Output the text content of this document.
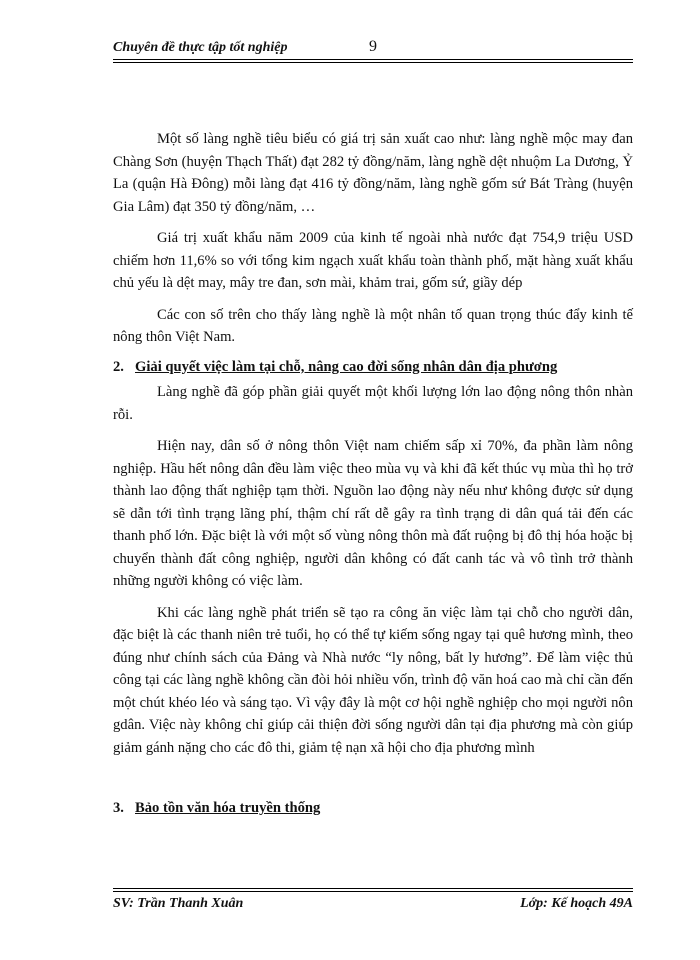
Chuyên đề thực tập tốt nghiệp	9

Một số làng nghề tiêu biểu có giá trị sản xuất cao như: làng nghề mộc may đan Chàng Sơn (huyện Thạch Thất) đạt 282 tỷ đồng/năm, làng nghề dệt nhuộm La Dương, Ỷ La (quận Hà Đông) mỗi làng đạt 416 tỷ đồng/năm, làng nghề gốm sứ Bát Tràng (huyện Gia Lâm) đạt 350 tỷ đồng/năm, …

Giá trị xuất khẩu năm 2009 của kinh tế ngoài nhà nước đạt 754,9 triệu USD chiếm hơn 11,6% so với tổng kim ngạch xuất khẩu toàn thành phố, mặt hàng xuất khẩu chủ yếu là dệt may, mây tre đan, sơn mài, khảm trai, gốm sứ, giầy dép

Các con số trên cho thấy làng nghề là một nhân tố quan trọng thúc đẩy kinh tế nông thôn Việt Nam.

2. Giải quyết việc làm tại chỗ, nâng cao đời sống nhân dân địa phương

Làng nghề đã góp phần giải quyết một khối lượng lớn lao động nông thôn nhàn rỗi.

Hiện nay, dân số ở nông thôn Việt nam chiếm sấp xỉ 70%, đa phần làm nông nghiệp. Hầu hết nông dân đều làm việc theo mùa vụ và khi đã kết thúc vụ mùa thì họ trở thành lao động thất nghiệp tạm thời. Nguồn lao động này nếu như không được sử dụng sẽ dẫn tới tình trạng lãng phí, thậm chí rất dễ gây ra tình trạng di dân quá tải đến các thanh phố lớn. Đặc biệt là với một số vùng nông thôn mà đất ruộng bị đô thị hóa hoặc bị chuyển thành đất công nghiệp, người dân không có đất canh tác và vô tình trở thành những người không có việc làm.

Khi các làng nghề phát triển sẽ tạo ra công ăn việc làm tại chỗ cho người dân, đặc biệt là các thanh niên trẻ tuổi, họ có thể tự kiếm sống ngay tại quê hương mình, theo đúng như chính sách của Đảng và Nhà nước “ly nông, bất ly hương”. Để làm việc thủ công tại các làng nghề không cần đòi hỏi nhiều vốn, trình độ văn hoá cao mà chỉ cần đến một chút khéo léo và sáng tạo. Vì vậy đây là một cơ hội nghề nghiệp cho mọi người nôn gdân. Việc này không chỉ giúp cải thiện đời sống người dân tại địa phương mà còn giúp giảm gánh nặng cho các đô thi, giảm tệ nạn xã hội cho địa phương mình

3. Bảo tồn văn hóa truyền thống
SV: Trần Thanh Xuân	Lớp: Kế hoạch 49A
